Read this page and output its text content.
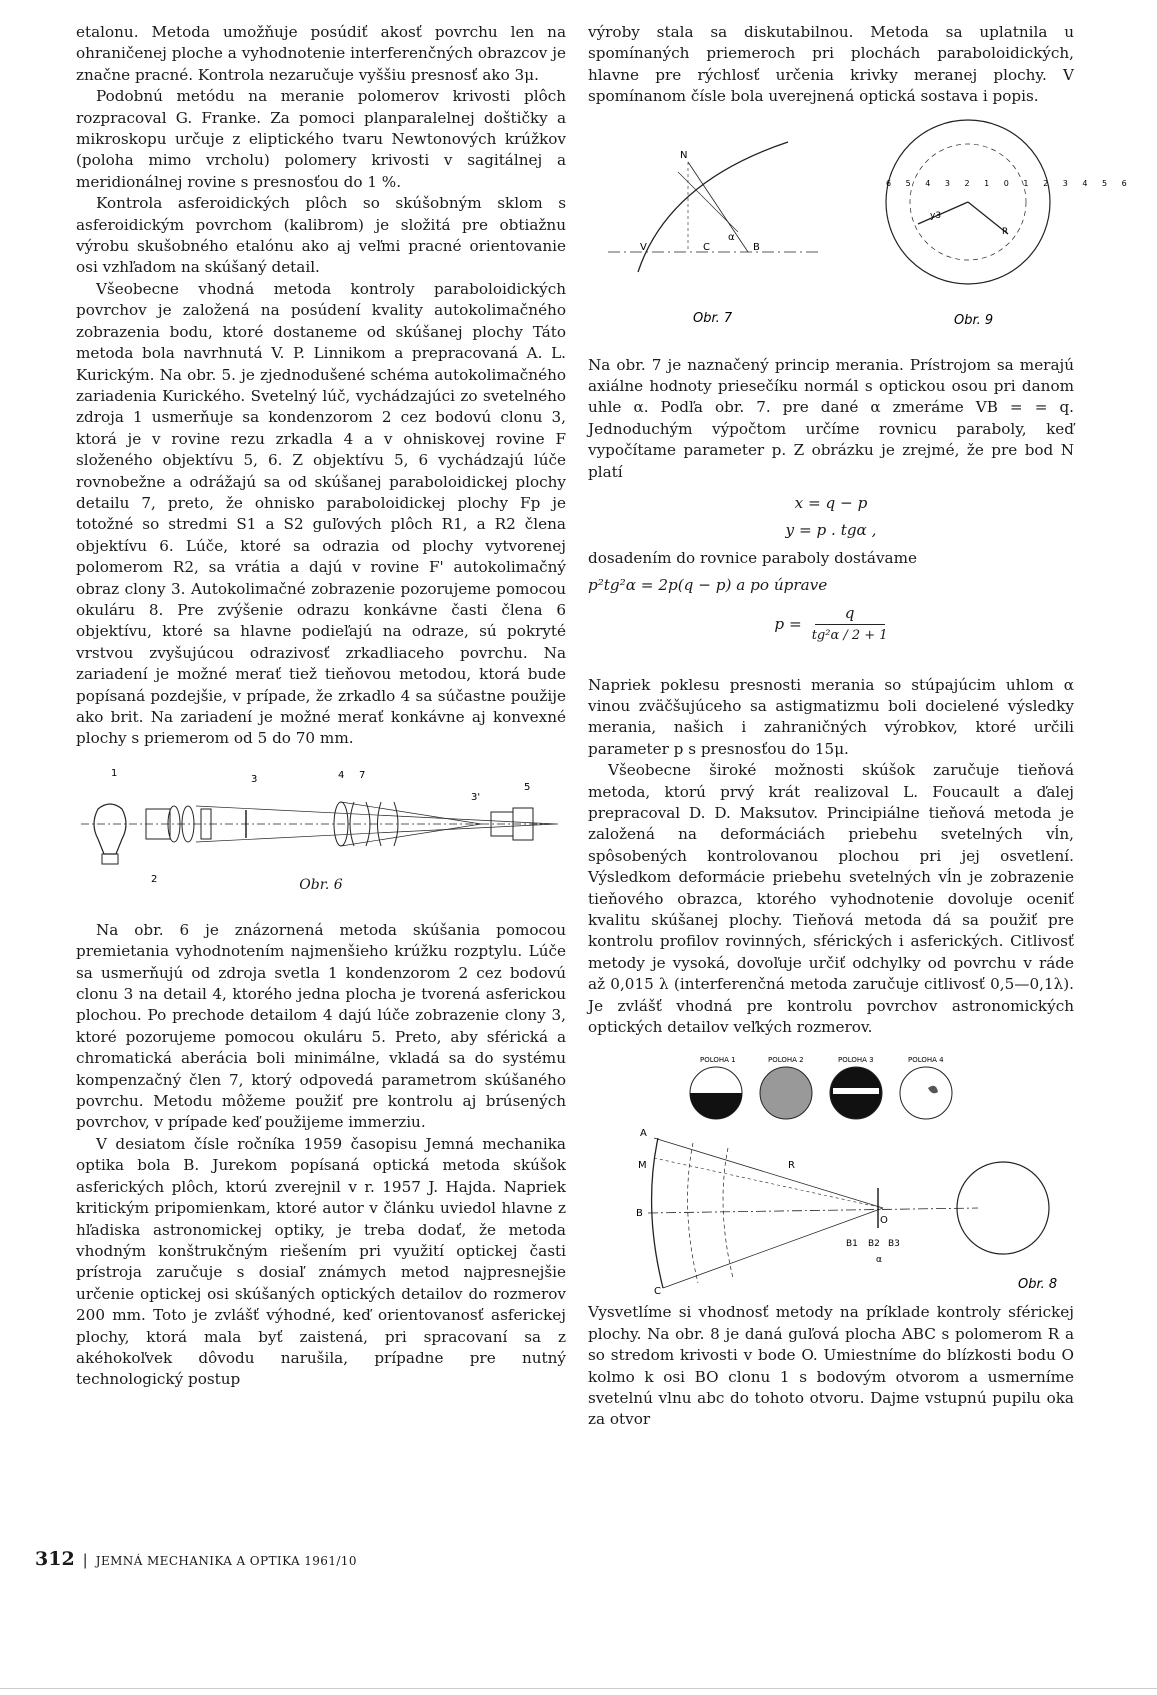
etalonu. Metoda umožňuje posúdiť akosť povrchu len na ohraničenej ploche a vyhodnotenie interferenčných obrazcov je značne pracné. Kontrola nezaručuje vyššiu presnosť ako 3μ.

Podobnú metódu na meranie polomerov krivosti plôch rozpracoval G. Franke. Za pomoci planparalelnej doštičky a mikroskopu určuje z eliptického tvaru Newtonových krúžkov (poloha mimo vrcholu) polomery krivosti v sagitálnej a meridionálnej rovine s presnosťou do 1 %.

Kontrola asferoidických plôch so skúšobným sklom s asferoidickým povrchom (kalibrom) je složitá pre obtiažnu výrobu skušobného etalónu ako aj veľmi pracné orientovanie osi vzhľadom na skúšaný detail.

Všeobecne vhodná metoda kontroly paraboloidických povrchov je založená na posúdení kvality autokolimačného zobrazenia bodu, ktoré dostaneme od skúšanej plochy Táto metoda bola navrhnutá V. P. Linnikom a prepracovaná A. L. Kurickým. Na obr. 5. je zjednodušené schéma autokolimačného zariadenia Kurického. Svetelný lúč, vychádzajúci zo svetelného zdroja 1 usmerňuje sa kondenzorom 2 cez bodovú clonu 3, ktorá je v rovine rezu zrkadla 4 a v ohniskovej rovine F složeného objektívu 5, 6. Z objektívu 5, 6 vychádzajú lúče rovnobežne a odrážajú sa od skúšanej paraboloidickej plochy detailu 7, preto, že ohnisko paraboloidickej plochy Fp je totožné so stredmi S1 a S2 guľových plôch R1, a R2 člena objektívu 6. Lúče, ktoré sa odrazia od plochy vytvorenej polomerom R2, sa vrátia a dajú v rovine F' autokolimačný obraz clony 3. Autokolimačné zobrazenie pozorujeme pomocou okuláru 8. Pre zvýšenie odrazu konkávne časti člena 6 objektívu, ktoré sa hlavne podieľajú na odraze, sú pokryté vrstvou zvyšujúcou odrazivosť zrkadliaceho povrchu. Na zariadení je možné merať tiež tieňovou metodou, ktorá bude popísaná pozdejšie, v prípade, že zrkadlo 4 sa súčastne použije ako brit. Na zariadení je možné merať konkávne aj konvexné plochy s priemerom od 5 do 70 mm.

1
2
3	4 7
3'
5
Obr. 6

Na obr. 6 je znázornená metoda skúšania pomocou premietania vyhodnotením najmenšieho krúžku rozptylu. Lúče sa usmerňujú od zdroja svetla 1 kondenzorom 2 cez bodovú clonu 3 na detail 4, ktorého jedna plocha je tvorená asferickou plochou. Po prechode detailom 4 dajú lúče zobrazenie clony 3, ktoré pozorujeme pomocou okuláru 5. Preto, aby sférická a chromatická aberácia boli minimálne, vkladá sa do systému kompenzačný člen 7, ktorý odpovedá parametrom skúšaného povrchu. Metodu môžeme použiť pre kontrolu aj brúsených povrchov, v prípade keď použijeme immerziu.

V desiatom čísle ročníka 1959 časopisu Jemná mechanika optika bola B. Jurekom popísaná optická metoda skúšok asferických plôch, ktorú zverejnil v r. 1957 J. Hajda. Napriek kritickým pripomienkam, ktoré autor v článku uviedol hlavne z hľadiska astronomickej optiky, je treba dodať, že metoda vhodným konštrukčným riešením pri využití optickej časti prístroja zaručuje s dosiaľ známych metod najpresnejšie určenie optickej osi skúšaných optických detailov do rozmerov 200 mm. Toto je zvlášť výhodné, keď orientovanosť asferickej plochy, ktorá mala byť zaistená, pri spracovaní sa z akéhokoľvek dôvodu narušila, prípadne pre nutný technologický postup

výroby stala sa diskutabilnou. Metoda sa uplatnila u spomínaných priemeroch pri plochách paraboloidických, hlavne pre rýchlosť určenia krivky meranej plochy. V spomínanom čísle bola uverejnená optická sostava i popis.

N
V	C	B
α
Obr. 7
6 5 4 3 2 1 0 1 2 3 4 5 6
y3
R
Obr. 9

Na obr. 7 je naznačený princip merania. Prístrojom sa merajú axiálne hodnoty priesečíku normál s optickou osou pri danom uhle α. Podľa obr. 7. pre dané α zmeráme VB = = q. Jednoduchým výpočtom určíme rovnicu paraboly, keď vypočítame parameter p. Z obrázku je zrejmé, že pre bod N platí

x = q − p
y = p . tgα ,

dosadením do rovnice paraboly dostávame

p²tg²α = 2p(q − p) a po úprave

$p = \frac{q}{\text{tg²α / 2 + 1}}$

Napriek poklesu presnosti merania so stúpajúcim uhlom α vinou zväčšujúceho sa astigmatizmu boli docielené výsledky merania, našich i zahraničných výrobkov, ktoré určili parameter p s presnosťou do 15μ.

Všeobecne široké možnosti skúšok zaručuje tieňová metoda, ktorú prvý krát realizoval L. Foucault a ďalej prepracoval D. D. Maksutov. Principiálne tieňová metoda je založená na deformáciách priebehu svetelných vĺn, spôsobených kontrolovanou plochou pri jej osvetlení. Výsledkom deformácie priebehu svetelných vĺn je zobrazenie tieňového obrazca, ktorého vyhodnotenie dovoluje oceniť kvalitu skúšanej plochy. Tieňová metoda dá sa použiť pre kontrolu profilov rovinných, sférických i asferických. Citlivosť metody je vysoká, dovoľuje určiť odchylky od povrchu v ráde až 0,015 λ (interferenčná metoda zaručuje citlivosť 0,5—0,1λ). Je zvlášť vhodná pre kontrolu povrchov astronomických optických detailov veľkých rozmerov.

POLOHA 1	POLOHA 2	POLOHA 3	POLOHA 4
A
M
B
C
R
O
B1 B2 B3
α
Obr. 8

Vysvetlíme si vhodnosť metody na príklade kontroly sférickej plochy. Na obr. 8 je daná guľová plocha ABC s polomerom R a so stredom krivosti v bode O. Umiestníme do blízkosti bodu O kolmo k osi BO clonu 1 s bodovým otvorom a usmerníme svetelnú vlnu abc do tohoto otvoru. Dajme vstupnú pupilu oka za otvor

312 | JEMNÁ MECHANIKA A OPTIKA 1961/10
